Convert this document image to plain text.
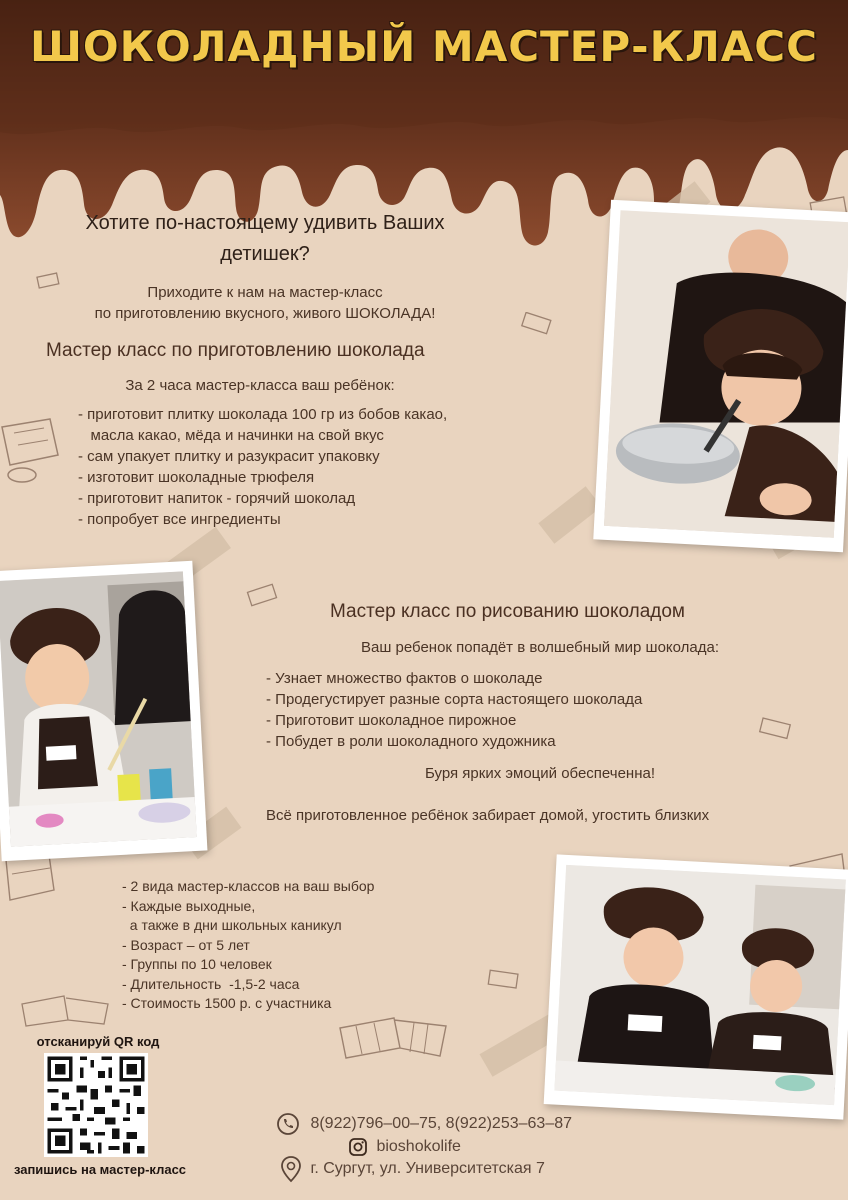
ШОКОЛАДНЫЙ МАСТЕР-КЛАСС
Хотите по-настоящему удивить Ваших
детишек?
Приходите к нам на мастер-класс
по приготовлению вкусного, живого ШОКОЛАДА!
Мастер класс по приготовлению шоколада
За 2 часа мастер-класса ваш ребёнок:
- приготовит плитку шоколада 100 гр из бобов какао,
масла какао, мёда и начинки на свой вкус
- сам упакует плитку и разукрасит упаковку
- изготовит шоколадные трюфеля
- приготовит напиток - горячий шоколад
- попробует все ингредиенты
Мастер класс по рисованию шоколадом
Ваш ребенок попадёт в волшебный мир шоколада:
- Узнает множество фактов о шоколаде
- Продегустирует разные сорта настоящего шоколада
- Приготовит шоколадное пирожное
- Побудет в роли шоколадного художника
Буря ярких эмоций обеспеченна!
Всё приготовленное ребёнок забирает домой, угостить близких
- 2 вида мастер-классов на ваш выбор
- Каждые выходные,
а также в дни школьных каникул
- Возраст – от 5 лет
- Группы по 10 человек
- Длительность  -1,5-2 часа
- Стоимость 1500 р. с участника
отсканируй QR код
запишись на мастер-класс
8(922)796–00–75, 8(922)253–63–87
bioshokolife
г. Сургут, ул. Университетская 7
